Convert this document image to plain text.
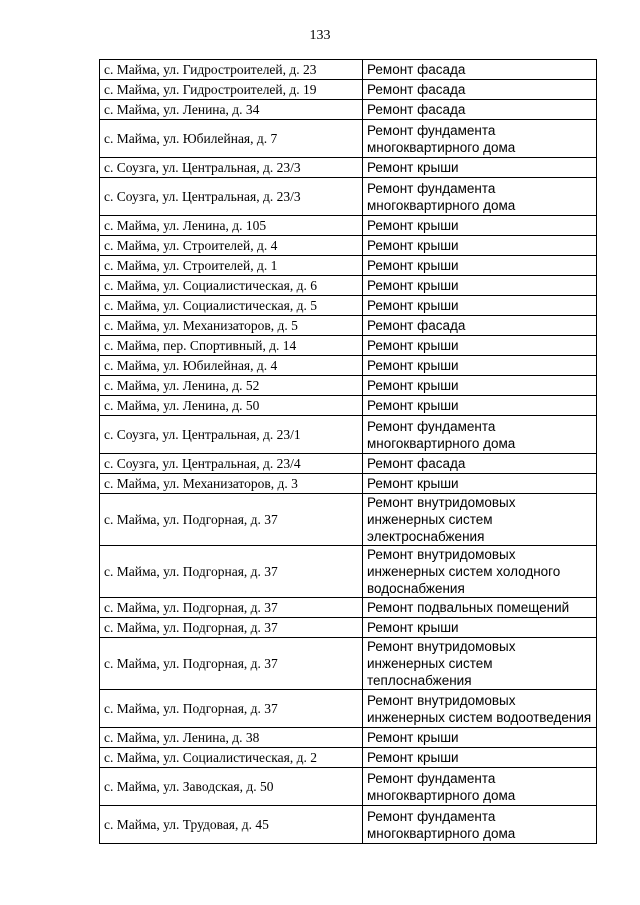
133
с. Майма, ул. Гидростроителей, д. 23	Ремонт фасада
с. Майма, ул. Гидростроителей, д. 19	Ремонт фасада
с. Майма, ул. Ленина, д. 34	Ремонт фасада
с. Майма, ул. Юбилейная, д. 7	Ремонт фундамента
многоквартирного дома
с. Соузга, ул. Центральная, д. 23/3	Ремонт крыши
с. Соузга, ул. Центральная, д. 23/3	Ремонт фундамента
многоквартирного дома
с. Майма, ул. Ленина, д. 105	Ремонт крыши
с. Майма, ул. Строителей, д. 4	Ремонт крыши
с. Майма, ул. Строителей, д. 1	Ремонт крыши
с. Майма, ул. Социалистическая, д. 6	Ремонт крыши
с. Майма, ул. Социалистическая, д. 5	Ремонт крыши
с. Майма, ул. Механизаторов, д. 5	Ремонт фасада
с. Майма, пер. Спортивный, д. 14	Ремонт крыши
с. Майма, ул. Юбилейная, д. 4	Ремонт крыши
с. Майма, ул. Ленина, д. 52	Ремонт крыши
с. Майма, ул. Ленина, д. 50	Ремонт крыши
с. Соузга, ул. Центральная, д. 23/1	Ремонт фундамента
многоквартирного дома
с. Соузга, ул. Центральная, д. 23/4	Ремонт фасада
с. Майма, ул. Механизаторов, д. 3	Ремонт крыши
с. Майма, ул. Подгорная, д. 37	Ремонт внутридомовых
инженерных систем
электроснабжения
с. Майма, ул. Подгорная, д. 37	Ремонт внутридомовых
инженерных систем холодного
водоснабжения
с. Майма, ул. Подгорная, д. 37	Ремонт подвальных помещений
с. Майма, ул. Подгорная, д. 37	Ремонт крыши
с. Майма, ул. Подгорная, д. 37	Ремонт внутридомовых
инженерных систем
теплоснабжения
с. Майма, ул. Подгорная, д. 37	Ремонт внутридомовых
инженерных систем водоотведения
с. Майма, ул. Ленина, д. 38	Ремонт крыши
с. Майма, ул. Социалистическая, д. 2	Ремонт крыши
с. Майма, ул. Заводская, д. 50	Ремонт фундамента
многоквартирного дома
с. Майма, ул. Трудовая, д. 45	Ремонт фундамента
многоквартирного дома
